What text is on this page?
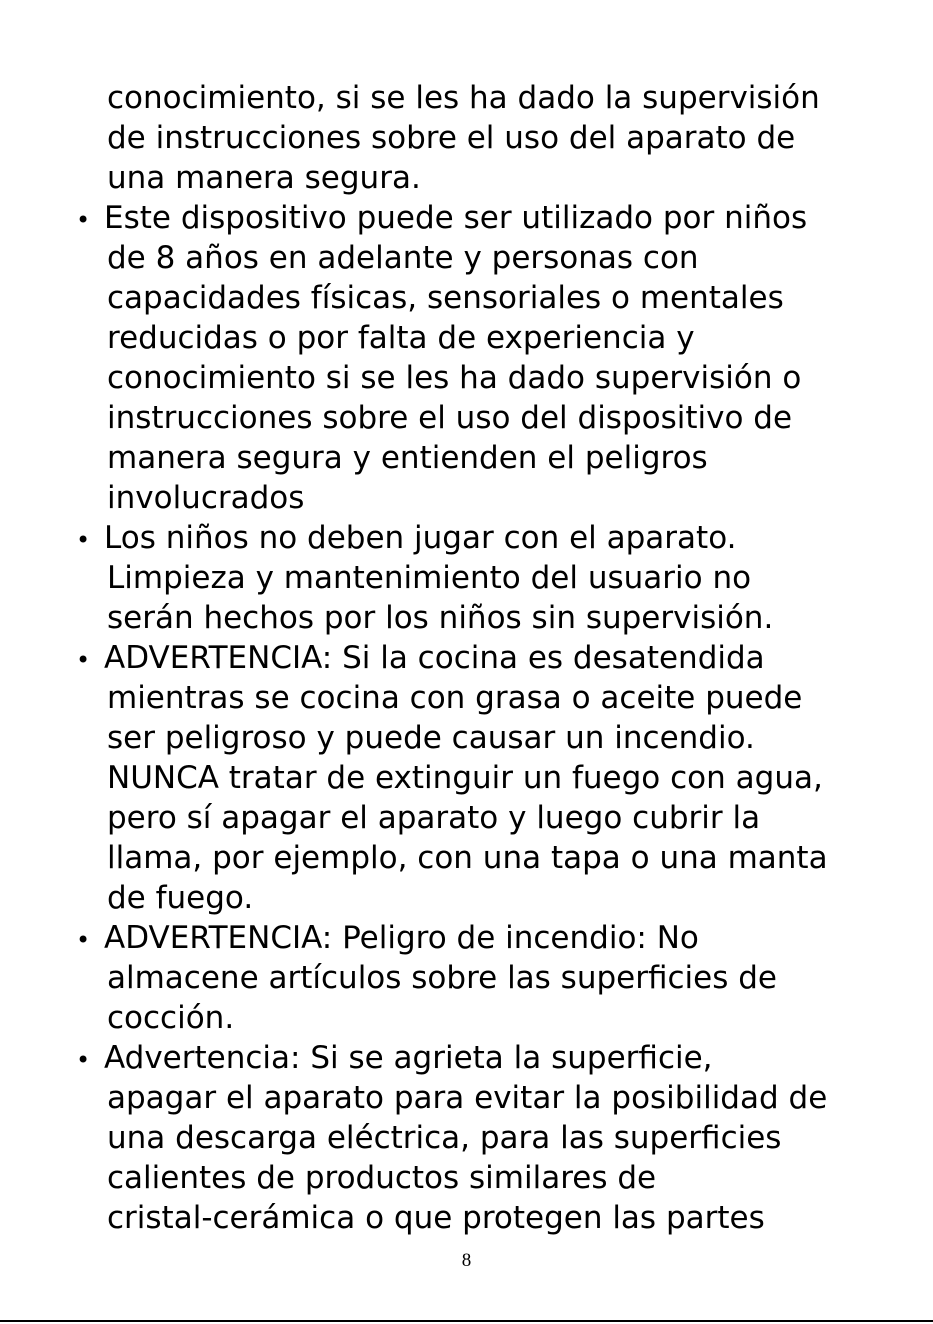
conocimiento, si se les ha dado la supervisión
de instrucciones sobre el uso del aparato de
una manera segura.
• Este dispositivo puede ser utilizado por niños
de 8 años en adelante y personas con
capacidades físicas, sensoriales o mentales
reducidas o por falta de experiencia y
conocimiento si se les ha dado supervisión o
instrucciones sobre el uso del dispositivo de
manera segura y entienden el peligros
involucrados
• Los niños no deben jugar con el aparato.
Limpieza y mantenimiento del usuario no
serán hechos por los niños sin supervisión.
• ADVERTENCIA: Si la cocina es desatendida
mientras se cocina con grasa o aceite puede
ser peligroso y puede causar un incendio.
NUNCA tratar de extinguir un fuego con agua,
pero sí apagar el aparato y luego cubrir la
llama, por ejemplo, con una tapa o una manta
de fuego.
• ADVERTENCIA: Peligro de incendio: No
almacene artículos sobre las superficies de
cocción.
• Advertencia: Si se agrieta la superficie,
apagar el aparato para evitar la posibilidad de
una descarga eléctrica, para las superficies
calientes de productos similares de
cristal-cerámica o que protegen las partes
8
